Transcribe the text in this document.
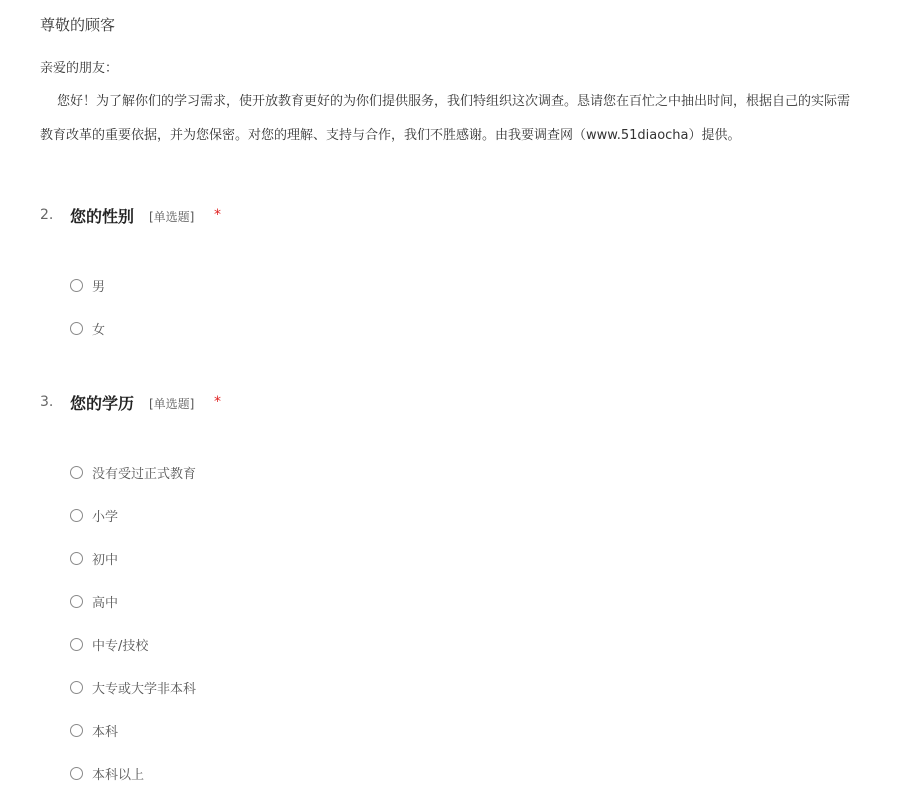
尊敬的顾客
亲爱的朋友：
您好！为了解你们的学习需求，使开放教育更好的为你们提供服务，我们特组织这次调查。恳请您在百忙之中抽出时间，根据自己的实际需
教育改革的重要依据，并为您保密。对您的理解、支持与合作，我们不胜感谢。由我要调查网（www.51diaocha）提供。
2. 您的性别 [单选题] *
男
女
3. 您的学历 [单选题] *
没有受过正式教育
小学
初中
高中
中专/技校
大专或大学非本科
本科
本科以上
